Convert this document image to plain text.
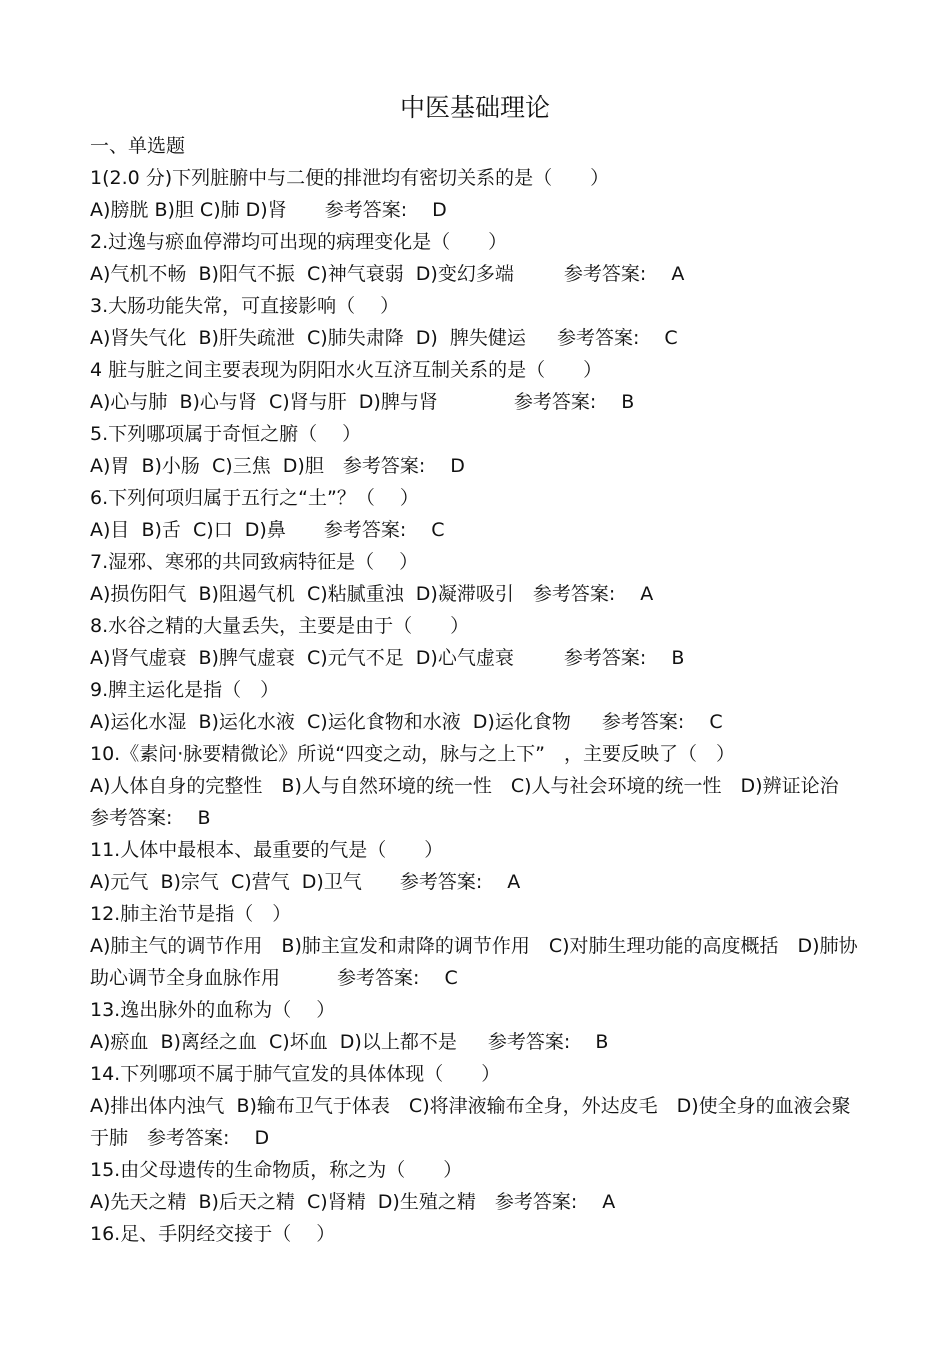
中医基础理论
一、单选题
1(2.0 分)下列脏腑中与二便的排泄均有密切关系的是（　　）
A)膀胱 B)胆 C)肺 D)肾　　参考答案:　 D
2.过逸与瘀血停滞均可出现的病理变化是（　　）
A)气机不畅  B)阳气不振  C)神气衰弱  D)变幻多端　　  参考答案:　 A
3.大肠功能失常，可直接影响（　 ）
A)肾失气化  B)肝失疏泄  C)肺失肃降  D)  脾失健运　  参考答案:　 C
4 脏与脏之间主要表现为阴阳水火互济互制关系的是（　　）
A)心与肺  B)心与肾  C)肾与肝  D)脾与肾　　　　参考答案:　 B
5.下列哪项属于奇恒之腑（　 ）
A)胃  B)小肠  C)三焦  D)胆　参考答案:　 D
6.下列何项归属于五行之“土”？（　 ）
A)目  B)舌  C)口  D)鼻　　参考答案:　 C
7.湿邪、寒邪的共同致病特征是（　 ）
A)损伤阳气  B)阻遏气机  C)粘腻重浊  D)凝滞吸引　参考答案:　 A
8.水谷之精的大量丢失，主要是由于（　　）
A)肾气虚衰  B)脾气虚衰  C)元气不足  D)心气虚衰　　  参考答案:　 B
9.脾主运化是指（　）
A)运化水湿  B)运化水液  C)运化食物和水液  D)运化食物　  参考答案:　 C
10.《素问·脉要精微论》所说“四变之动，脉与之上下”　，主要反映了（　）
A)人体自身的完整性　B)人与自然环境的统一性　C)人与社会环境的统一性　D)辨证论治　　参考答案:　 B
11.人体中最根本、最重要的气是（　　）
A)元气  B)宗气  C)营气  D)卫气　　参考答案:　 A
12.肺主治节是指（　）
A)肺主气的调节作用　B)肺主宣发和肃降的调节作用　C)对肺生理功能的高度概括　D)肺协助心调节全身血脉作用　　　参考答案:　 C
13.逸出脉外的血称为（　 ）
A)瘀血  B)离经之血  C)坏血  D)以上都不是　  参考答案:　 B
14.下列哪项不属于肺气宣发的具体体现（　　）
A)排出体内浊气  B)输布卫气于体表　C)将津液输布全身，外达皮毛　D)使全身的血液会聚于肺　参考答案:　 D
15.由父母遗传的生命物质，称之为（　　）
A)先天之精  B)后天之精  C)肾精  D)生殖之精　参考答案:　 A
16.足、手阴经交接于（　 ）
